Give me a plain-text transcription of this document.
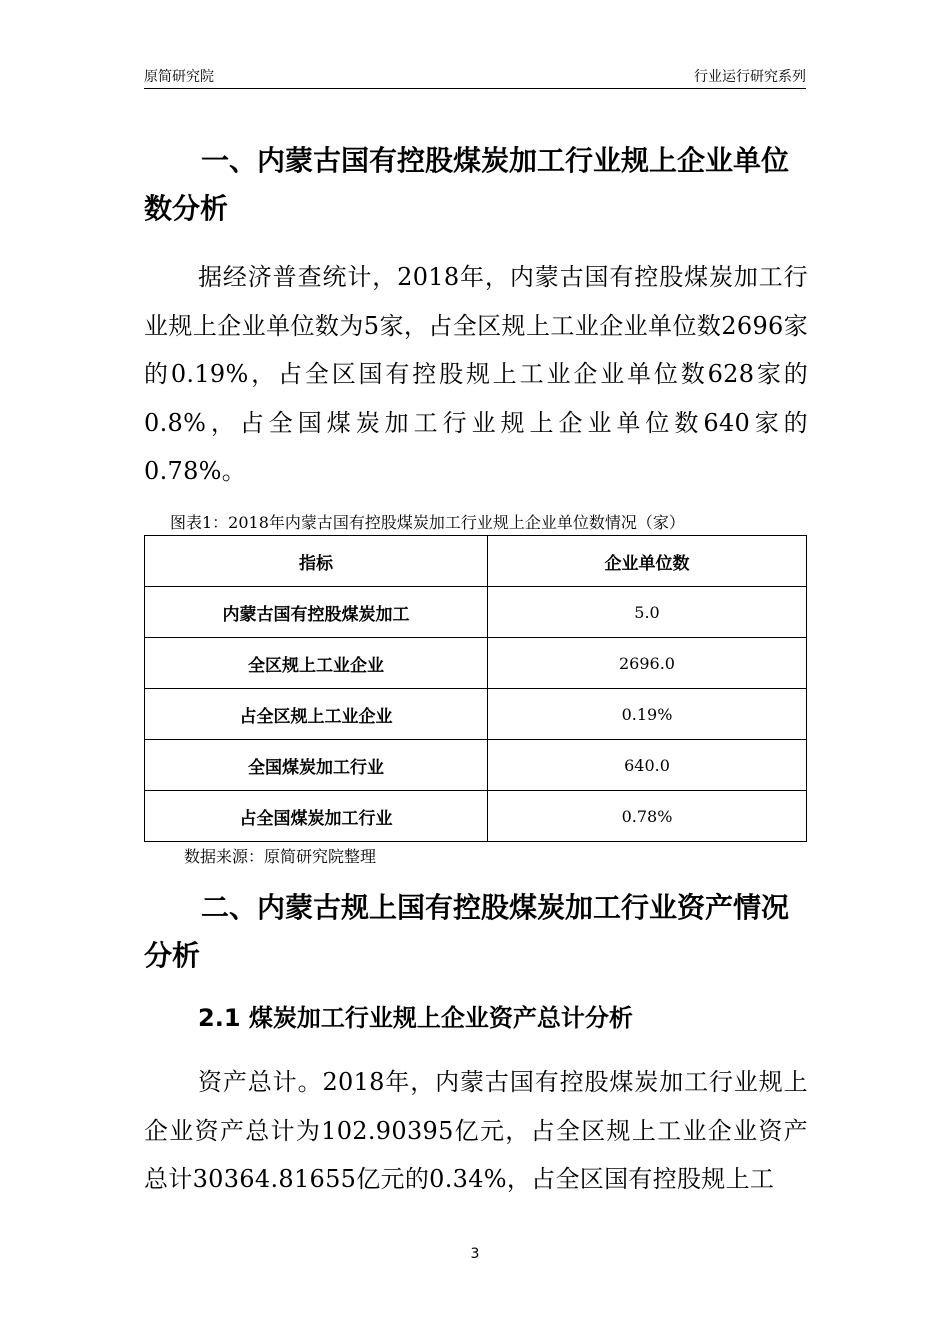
原简研究院	行业运行研究系列
一、内蒙古国有控股煤炭加工行业规上企业单位数分析

据经济普查统计，2018年，内蒙古国有控股煤炭加工行业规上企业单位数为5家，占全区规上工业企业单位数2696家的0.19%，占全区国有控股规上工业企业单位数628家的0.8%，占全国煤炭加工行业规上企业单位数640家的0.78%。

图表1：2018年内蒙古国有控股煤炭加工行业规上企业单位数情况（家）
指标	企业单位数
内蒙古国有控股煤炭加工	5.0
全区规上工业企业	2696.0
占全区规上工业企业	0.19%
全国煤炭加工行业	640.0
占全国煤炭加工行业	0.78%
数据来源：原简研究院整理
二、内蒙古规上国有控股煤炭加工行业资产情况分析
2.1 煤炭加工行业规上企业资产总计分析

资产总计。2018年，内蒙古国有控股煤炭加工行业规上企业资产总计为102.90395亿元，占全区规上工业企业资产总计30364.81655亿元的0.34%，占全区国有控股规上工

3
